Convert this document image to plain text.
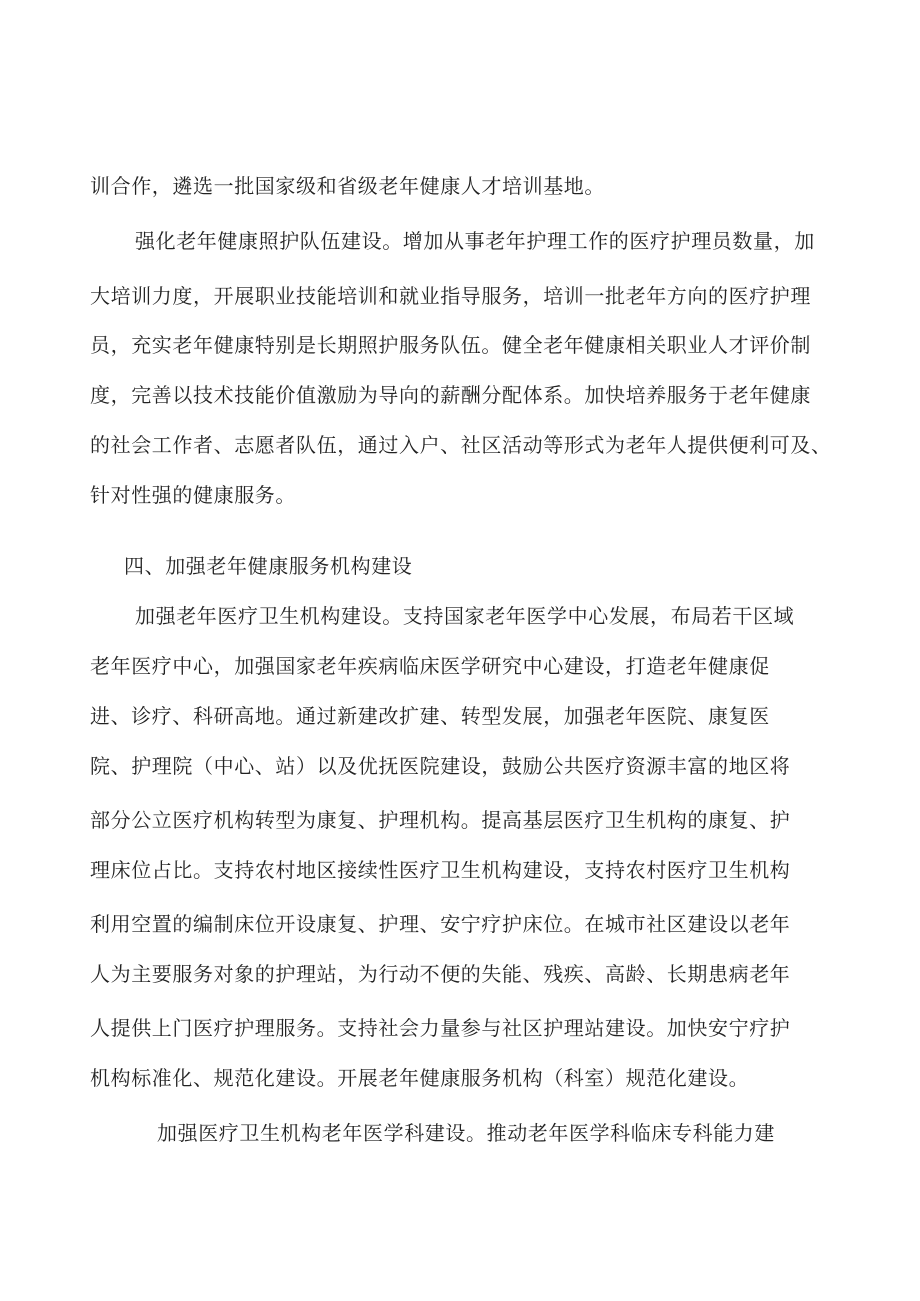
训合作，遴选一批国家级和省级老年健康人才培训基地。

强化老年健康照护队伍建设。增加从事老年护理工作的医疗护理员数量，加

大培训力度，开展职业技能培训和就业指导服务，培训一批老年方向的医疗护理

员，充实老年健康特别是长期照护服务队伍。健全老年健康相关职业人才评价制

度，完善以技术技能价值激励为导向的薪酬分配体系。加快培养服务于老年健康

的社会工作者、志愿者队伍，通过入户、社区活动等形式为老年人提供便利可及、

针对性强的健康服务。

四、加强老年健康服务机构建设

加强老年医疗卫生机构建设。支持国家老年医学中心发展，布局若干区域

老年医疗中心，加强国家老年疾病临床医学研究中心建设，打造老年健康促

进、诊疗、科研高地。通过新建改扩建、转型发展，加强老年医院、康复医

院、护理院（中心、站）以及优抚医院建设，鼓励公共医疗资源丰富的地区将

部分公立医疗机构转型为康复、护理机构。提高基层医疗卫生机构的康复、护

理床位占比。支持农村地区接续性医疗卫生机构建设，支持农村医疗卫生机构

利用空置的编制床位开设康复、护理、安宁疗护床位。在城市社区建设以老年

人为主要服务对象的护理站，为行动不便的失能、残疾、高龄、长期患病老年

人提供上门医疗护理服务。支持社会力量参与社区护理站建设。加快安宁疗护

机构标准化、规范化建设。开展老年健康服务机构（科室）规范化建设。

加强医疗卫生机构老年医学科建设。推动老年医学科临床专科能力建
